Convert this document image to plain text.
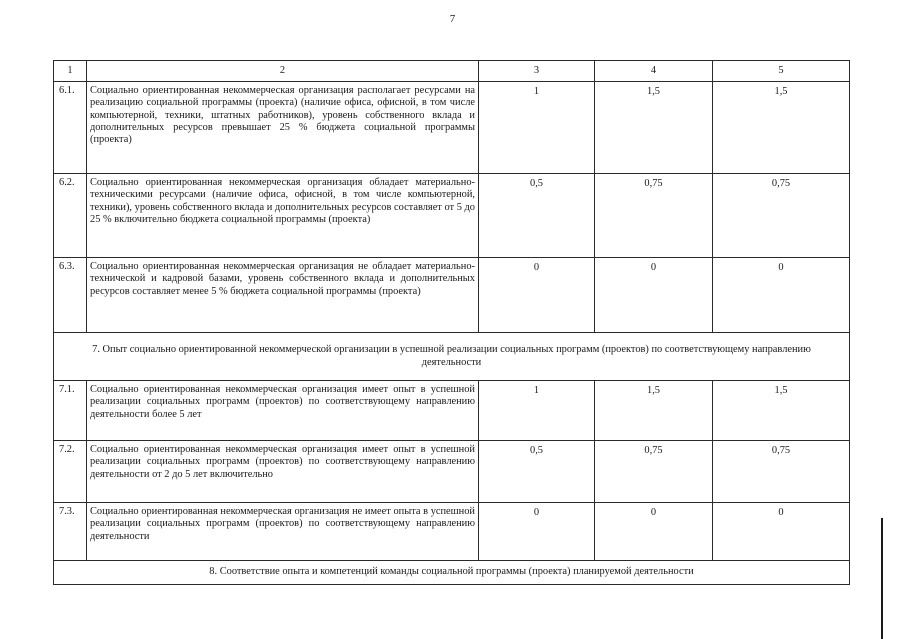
7
1	2	3	4	5
6.1.	Социально ориентированная некоммерческая организация располагает ресурсами на реализацию социальной программы (проекта) (наличие офиса, офисной, в том числе компьютерной, техники, штатных работников), уровень собственного вклада и дополнительных ресурсов превышает 25 % бюджета социальной программы (проекта)	1	1,5	1,5
6.2.	Социально ориентированная некоммерческая организация обладает материально-техническими ресурсами (наличие офиса, офисной, в том числе компьютерной, техники), уровень собственного вклада и дополнительных ресурсов составляет от 5 до 25 % включительно бюджета социальной программы (проекта)	0,5	0,75	0,75
6.3.	Социально ориентированная некоммерческая организация не обладает материально-технической и кадровой базами, уровень собственного вклада и дополнительных ресурсов составляет менее 5 % бюджета социальной программы (проекта)	0	0	0
7. Опыт социально ориентированной некоммерческой организации в успешной реализации социальных программ (проектов) по соответствующему направлению деятельности				
7.1.	Социально ориентированная некоммерческая организация имеет опыт в успешной реализации социальных программ (проектов) по соответствующему направлению деятельности более 5 лет	1	1,5	1,5
7.2.	Социально ориентированная некоммерческая организация имеет опыт в успешной реализации социальных программ (проектов) по соответствующему направлению деятельности от 2 до 5 лет включительно	0,5	0,75	0,75
7.3.	Социально ориентированная некоммерческая организация не имеет опыта в успешной реализации социальных программ (проектов) по соответствующему направлению деятельности	0	0	0
8. Соответствие опыта и компетенций команды социальной программы (проекта) планируемой деятельности				
